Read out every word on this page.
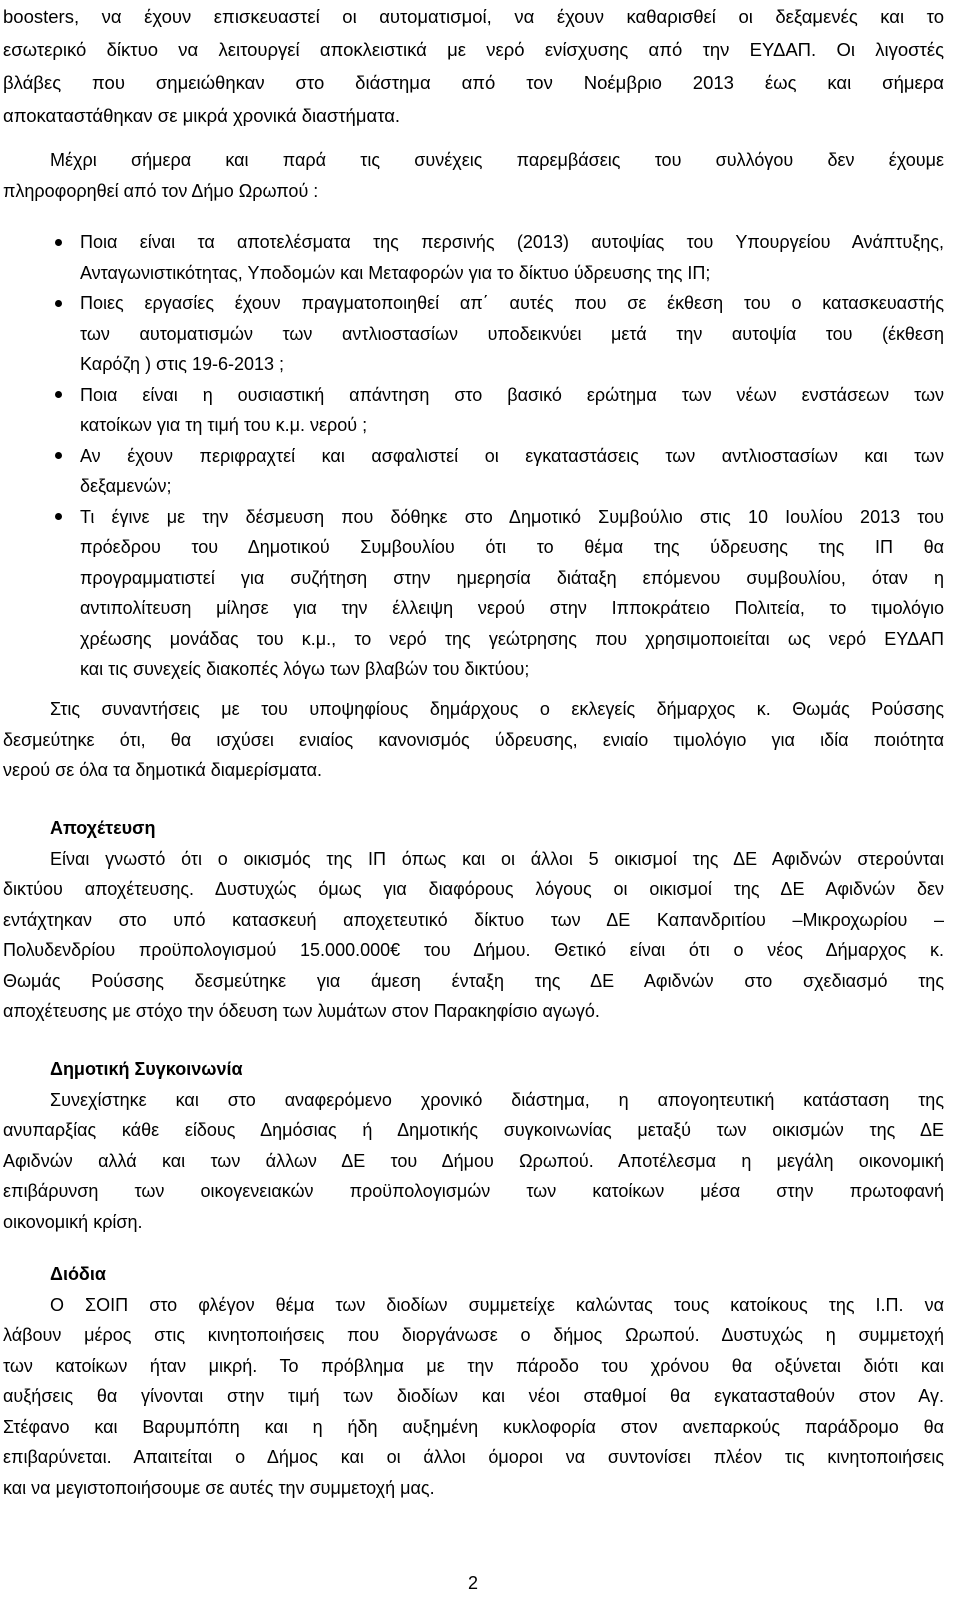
boosters, να έχουν επισκευαστεί οι αυτοματισμοί, να έχουν καθαρισθεί οι δεξαμενές και το
εσωτερικό δίκτυο να λειτουργεί αποκλειστικά με νερό ενίσχυσης από την ΕΥΔΑΠ. Οι λιγοστές
βλάβες που σημειώθηκαν στο διάστημα από τον Νοέμβριο 2013 έως και σήμερα
αποκαταστάθηκαν σε μικρά χρονικά διαστήματα.
Μέχρι σήμερα και παρά τις συνέχεις παρεμβάσεις του συλλόγου δεν έχουμε
πληροφορηθεί από τον Δήμο Ωρωπού :
Ποια είναι τα αποτελέσματα της περσινής (2013) αυτοψίας του Υπουργείου Ανάπτυξης,
Ανταγωνιστικότητας, Υποδομών και Μεταφορών για το δίκτυο ύδρευσης της ΙΠ;
Ποιες εργασίες έχουν πραγματοποιηθεί απ΄ αυτές που σε έκθεση του ο κατασκευαστής
των αυτοματισμών των αντλιοστασίων υποδεικνύει μετά την αυτοψία του (έκθεση
Καρόζη ) στις 19-6-2013 ;
Ποια είναι η ουσιαστική απάντηση στο βασικό ερώτημα των νέων ενστάσεων των
κατοίκων για τη τιμή του κ.μ. νερού ;
Αν έχουν περιφραχτεί και ασφαλιστεί οι εγκαταστάσεις των αντλιοστασίων και των
δεξαμενών;
Τι έγινε με την δέσμευση που δόθηκε στο Δημοτικό Συμβούλιο στις 10 Ιουλίου 2013 του
πρόεδρου του Δημοτικού Συμβουλίου ότι το θέμα της ύδρευσης της ΙΠ θα
προγραμματιστεί για συζήτηση στην ημερησία διάταξη επόμενου συμβουλίου, όταν η
αντιπολίτευση μίλησε για την έλλειψη νερού στην Ιπποκράτειο Πολιτεία, το τιμολόγιο
χρέωσης μονάδας του κ.μ., το νερό της γεώτρησης που χρησιμοποιείται ως νερό ΕΥΔΑΠ
και τις συνεχείς διακοπές λόγω των βλαβών του δικτύου;
Στις συναντήσεις με του υποψηφίους δημάρχους ο εκλεγείς δήμαρχος κ. Θωμάς Ρούσσης
δεσμεύτηκε ότι, θα ισχύσει ενιαίος κανονισμός ύδρευσης, ενιαίο τιμολόγιο για ιδία ποιότητα
νερού σε όλα τα δημοτικά διαμερίσματα.
Αποχέτευση
Είναι γνωστό ότι ο οικισμός της ΙΠ όπως και οι άλλοι 5 οικισμοί της ΔΕ Αφιδνών στερούνται
δικτύου αποχέτευσης. Δυστυχώς όμως για διαφόρους λόγους οι οικισμοί της ΔΕ Αφιδνών δεν
εντάχτηκαν στο υπό κατασκευή αποχετευτικό δίκτυο των ΔΕ Καπανδριτίου –Μικροχωρίου –
Πολυδενδρίου προϋπολογισμού 15.000.000€ του Δήμου. Θετικό είναι ότι ο νέος Δήμαρχος κ.
Θωμάς Ρούσσης δεσμεύτηκε για άμεση ένταξη της ΔΕ Αφιδνών στο σχεδιασμό της
αποχέτευσης με στόχο την όδευση των λυμάτων στον Παρακηφίσιο αγωγό.
Δημοτική Συγκοινωνία
Συνεχίστηκε και στο αναφερόμενο χρονικό διάστημα, η απογοητευτική κατάσταση της
ανυπαρξίας κάθε είδους Δημόσιας ή Δημοτικής συγκοινωνίας μεταξύ των οικισμών της ΔΕ
Αφιδνών αλλά και των άλλων ΔΕ του Δήμου Ωρωπού. Αποτέλεσμα η μεγάλη οικονομική
επιβάρυνση των οικογενειακών προϋπολογισμών των κατοίκων μέσα στην πρωτοφανή
οικονομική κρίση.
Διόδια
Ο ΣΟΙΠ στο φλέγον θέμα των διοδίων συμμετείχε καλώντας τους κατοίκους της Ι.Π. να
λάβουν μέρος στις κινητοποιήσεις που διοργάνωσε ο δήμος Ωρωπού. Δυστυχώς η συμμετοχή
των κατοίκων ήταν μικρή. Το πρόβλημα με την πάροδο του χρόνου θα οξύνεται διότι και
αυξήσεις θα γίνονται στην τιμή των διοδίων και νέοι σταθμοί θα εγκατασταθούν στον Αγ.
Στέφανο και Βαρυμπόπη και η ήδη αυξημένη κυκλοφορία στον ανεπαρκούς παράδρομο θα
επιβαρύνεται. Απαιτείται ο Δήμος και οι άλλοι όμοροι να συντονίσει πλέον τις κινητοποιήσεις
και να μεγιστοποιήσουμε σε αυτές την συμμετοχή μας.
2
